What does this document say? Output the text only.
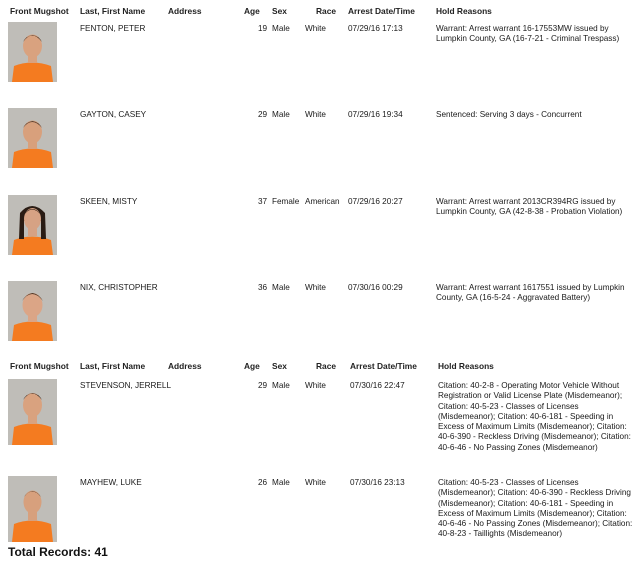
Front Mugshot Last, First Name	Address	Age Sex	Race Arrest Date/Time	Hold Reasons
FENTON, PETER	19 Male White	07/29/16 17:13	Warrant: Arrest warrant 16-17553MW issued by Lumpkin County, GA (16-7-21 - Criminal Trespass)
GAYTON, CASEY	29 Male White	07/29/16 19:34	Sentenced: Serving 3 days - Concurrent
SKEEN, MISTY	37 Female American 07/29/16 20:27	Warrant: Arrest warrant 2013CR394RG issued by Lumpkin County, GA (42-8-38 - Probation Violation)
NIX, CHRISTOPHER	36 Male White	07/30/16 00:29	Warrant: Arrest warrant 1617551 issued by Lumpkin County, GA (16-5-24 - Aggravated Battery)
Front Mugshot Last, First Name	Address	Age Sex	Race Arrest Date/Time	Hold Reasons
STEVENSON, JERRELL	29 Male White	07/30/16 22:47	Citation: 40-2-8 - Operating Motor Vehicle Without Registration or Valid License Plate (Misdemeanor); Citation: 40-5-23 - Classes of Licenses (Misdemeanor); Citation: 40-6-181 - Speeding in Excess of Maximum Limits (Misdemeanor); Citation: 40-6-390 - Reckless Driving (Misdemeanor); Citation: 40-6-46 - No Passing Zones (Misdemeanor)
MAYHEW, LUKE	26 Male White	07/30/16 23:13	Citation: 40-5-23 - Classes of Licenses (Misdemeanor); Citation: 40-6-390 - Reckless Driving (Misdemeanor); Citation: 40-6-181 - Speeding in Excess of Maximum Limits (Misdemeanor); Citation: 40-6-46 - No Passing Zones (Misdemeanor); Citation: 40-8-23 - Taillights (Misdemeanor)
Total Records: 41
